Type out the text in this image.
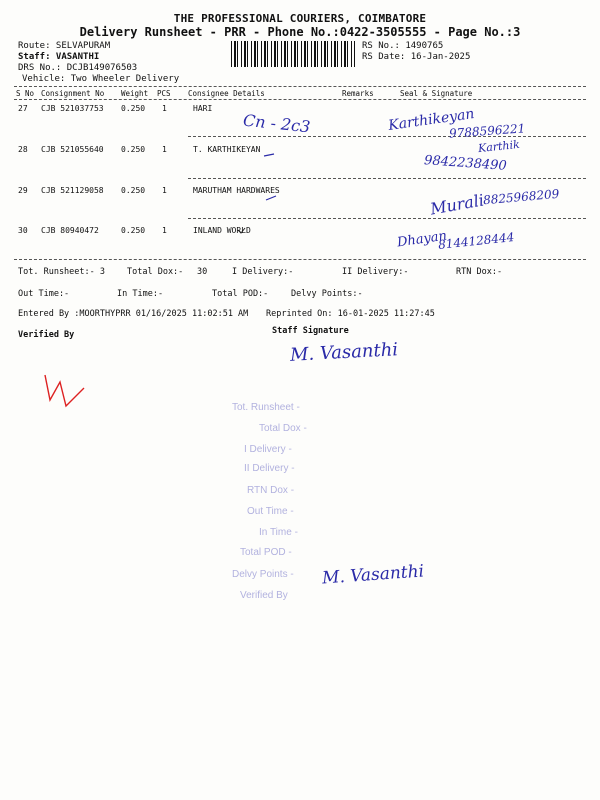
THE PROFESSIONAL COURIERS, COIMBATORE
Delivery Runsheet - PRR - Phone No.:0422-3505555 - Page No.:3
Route: SELVAPURAM
Staff: VASANTHI
DRS No.: DCJB149076503
Vehicle: Two Wheeler Delivery
RS No.: 1490765
RS Date: 16-Jan-2025
S No Consignment No Weight PCS Consignee Details	Remarks	Seal & Signature
27 CJB 521037753 0.250 1	HARI
28 CJB 521055640 0.250 1	T. KARTHIKEYAN
29 CJB 521129058 0.250 1	MARUTHAM HARDWARES
30 CJB 80940472	0.250 1	INLAND WORLD
Tot. Runsheet:- 3	Total Dox:- 30	I Delivery:-	II Delivery:-	RTN Dox:-
Out Time:-	In Time:-	Total POD:-	Delvy Points:-
Entered By :MOORTHYPRR 01/16/2025 11:02:51 AM Reprinted On: 16-01-2025 11:27:45
Verified By	Staff Signature
Cn - 2c3	Karthikeyan
9788596221
Karthik
9842238490
Murali
8825968209
Dhayan
8144128444
M. Vasanthi
Tot. Runsheet -
Total Dox -
I Delivery -
II Delivery -
RTN Dox -
Out Time -
In Time -
Total POD -
Delvy Points -
Verified By
M. Vasanthi
